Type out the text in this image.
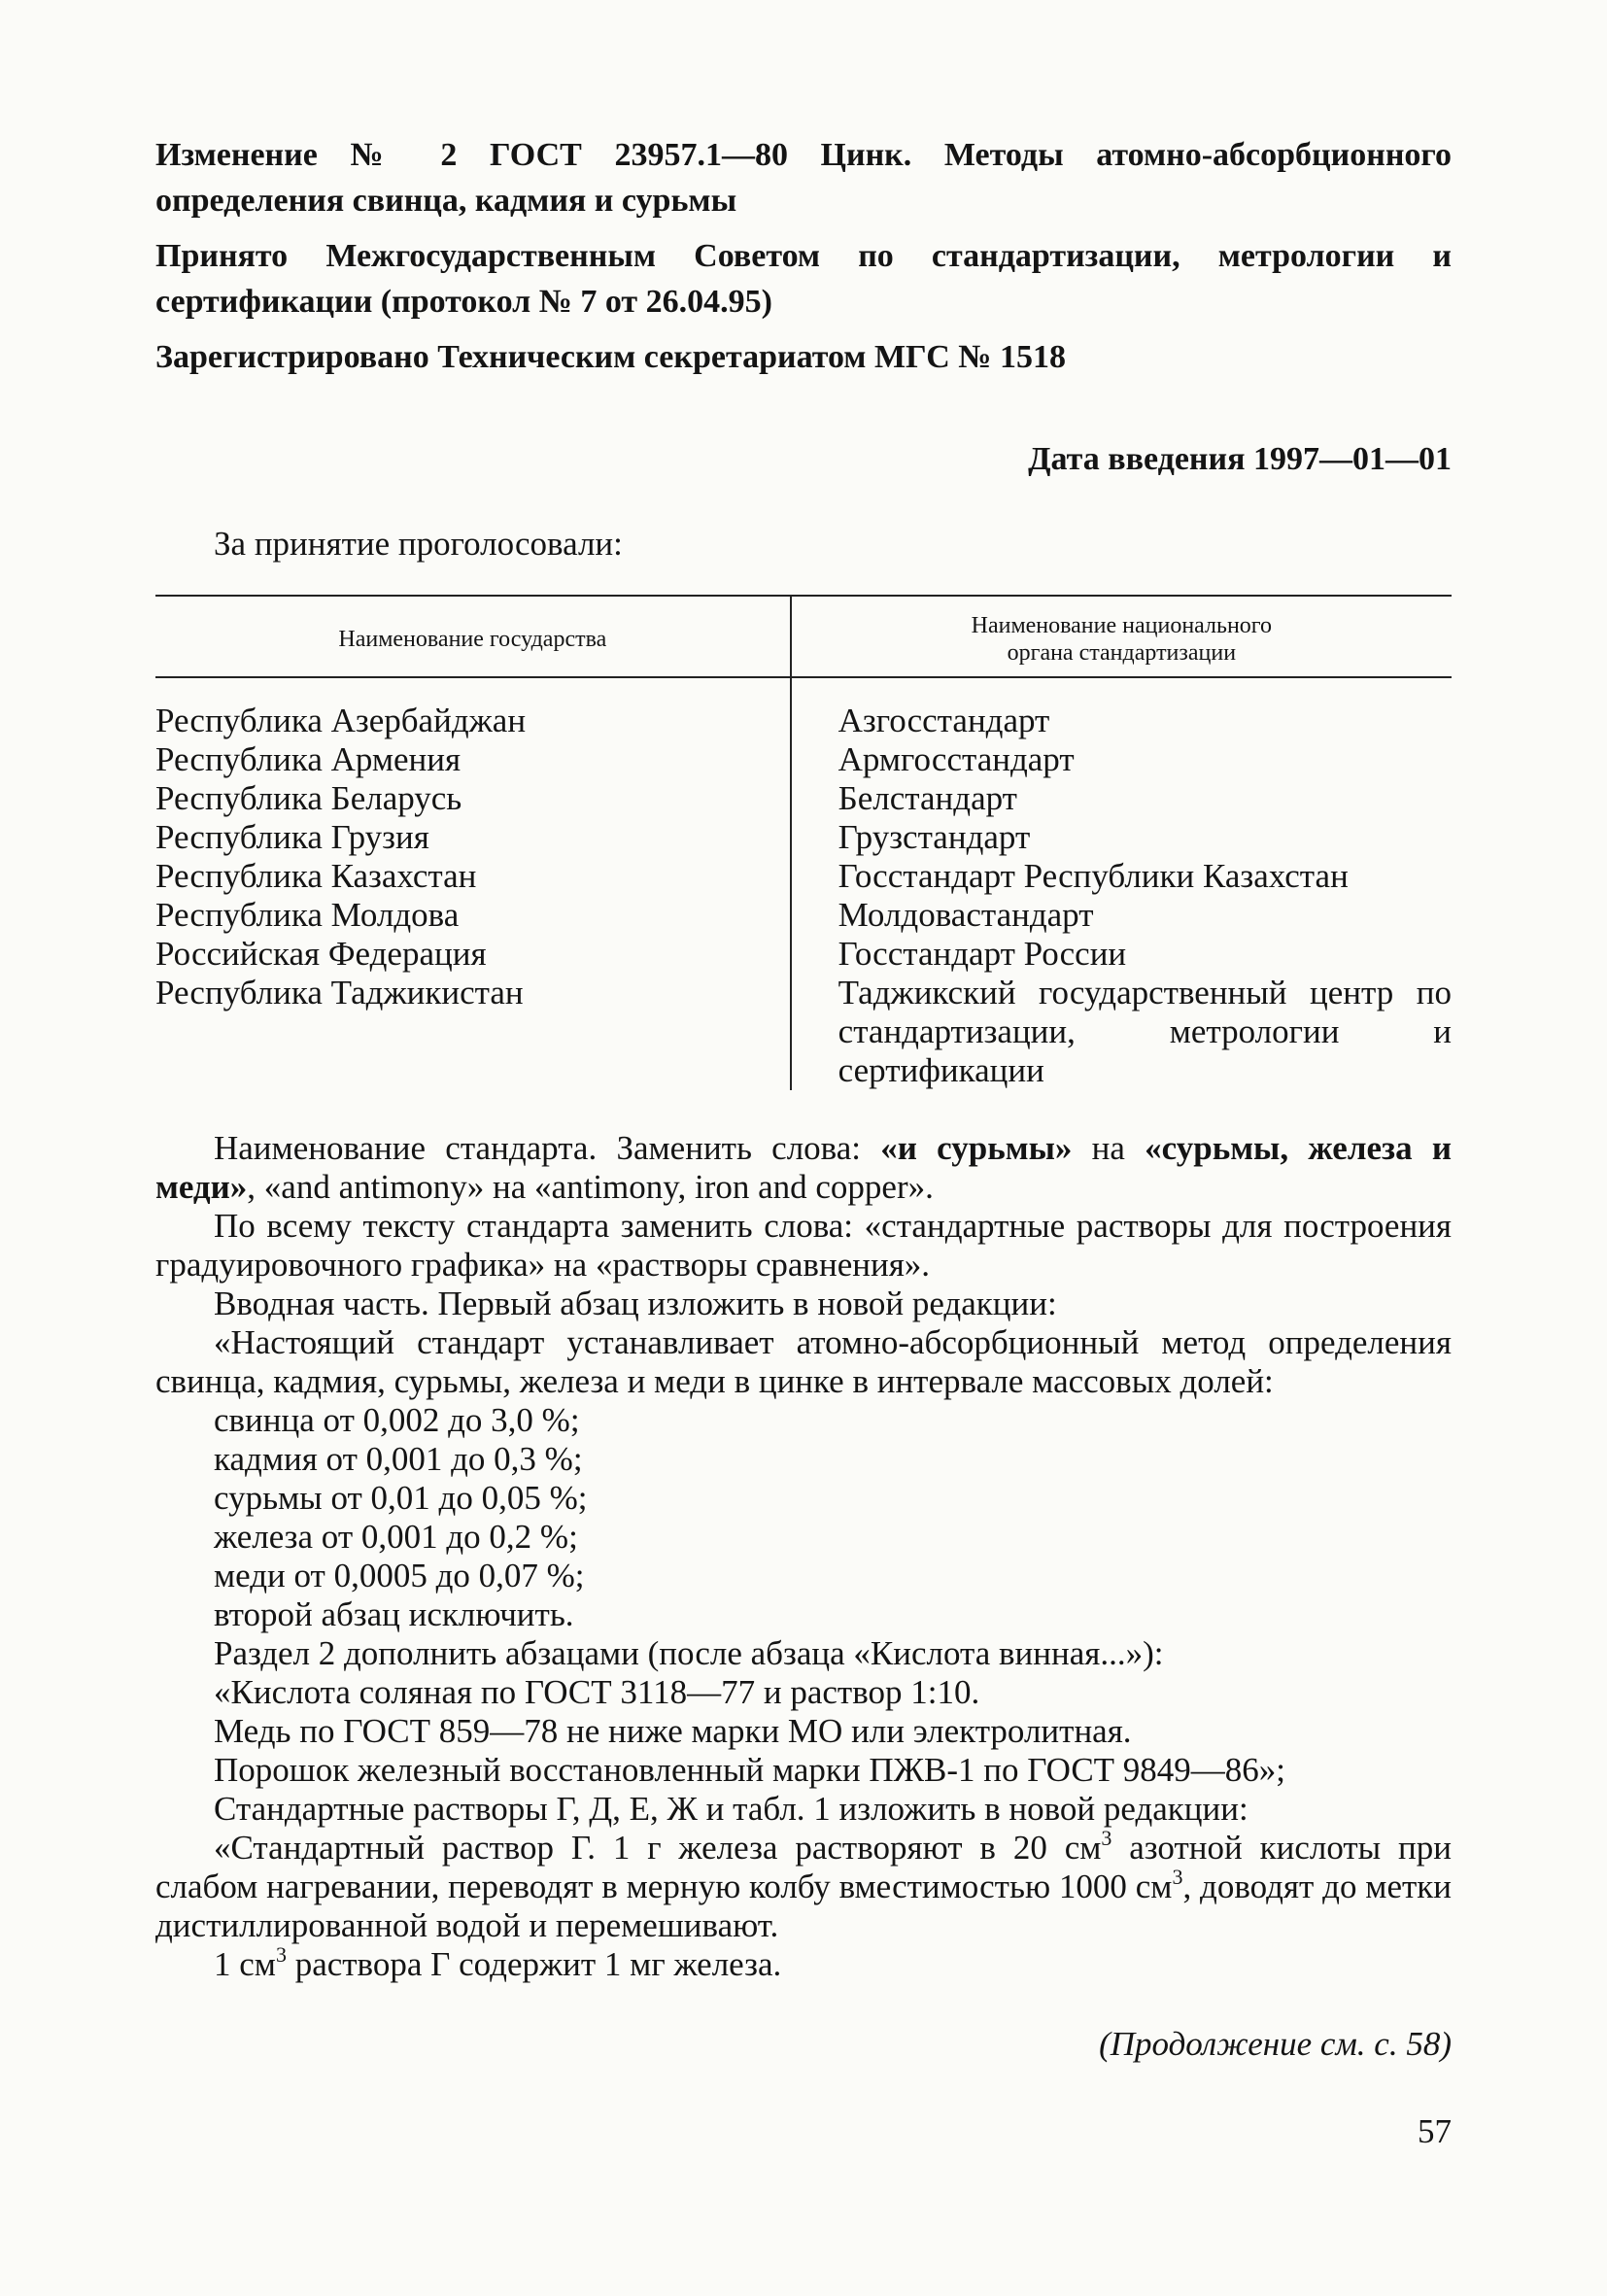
Изменение № 2 ГОСТ 23957.1—80 Цинк. Методы атомно-абсорбционного определения свинца, кадмия и сурьмы

Принято Межгосударственным Советом по стандартизации, метрологии и сертификации (протокол № 7 от 26.04.95)

Зарегистрировано Техническим секретариатом МГС № 1518

Дата введения 1997—01—01
За принятие проголосовали:
Наименование государства	Наименование национального
органа стандартизации
Республика Азербайджан	Азгосстандарт
Республика Армения	Армгосстандарт
Республика Беларусь	Белстандарт
Республика Грузия	Грузстандарт
Республика Казахстан	Госстандарт Республики Казахстан
Республика Молдова	Молдовастандарт
Российская Федерация	Госстандарт России
Республика Таджикистан	Таджикский государственный центр по стандартизации, метрологии и сертификации

Наименование стандарта. Заменить слова: «и сурьмы» на «сурьмы, железа и меди», «and antimony» на «antimony, iron and copper».

По всему тексту стандарта заменить слова: «стандартные растворы для построения градуировочного графика» на «растворы сравнения».

Вводная часть. Первый абзац изложить в новой редакции:

«Настоящий стандарт устанавливает атомно-абсорбционный метод определения свинца, кадмия, сурьмы, железа и меди в цинке в интервале массовых долей:

свинца от 0,002 до 3,0 %;

кадмия от 0,001 до 0,3 %;

сурьмы от 0,01 до 0,05 %;

железа от 0,001 до 0,2 %;

меди от 0,0005 до 0,07 %;

второй абзац исключить.

Раздел 2 дополнить абзацами (после абзаца «Кислота винная...»):

«Кислота соляная по ГОСТ 3118—77 и раствор 1:10.

Медь по ГОСТ 859—78 не ниже марки МО или электролитная.

Порошок железный восстановленный марки ПЖВ-1 по ГОСТ 9849—86»;

Стандартные растворы Г, Д, Е, Ж и табл. 1 изложить в новой редакции:

«Стандартный раствор Г. 1 г железа растворяют в 20 $см^3$ азотной кислоты при слабом нагревании, переводят в мерную колбу вместимостью 1000 $см^3$, доводят до метки дистиллированной водой и перемешивают.

1 $см^3$ раствора Г содержит 1 мг железа.

(Продолжение см. с. 58)
57
